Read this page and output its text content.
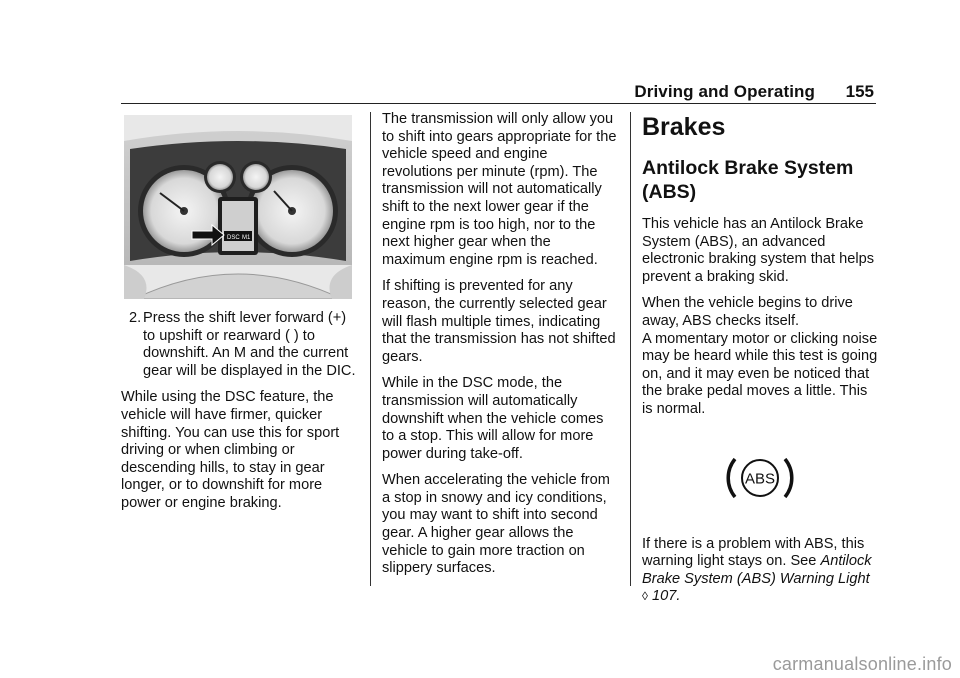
Driving and Operating 155
DSC M1
2. Press the shift lever forward (+) to upshift or rearward ( ) to downshift. An M and the current gear will be displayed in the DIC.

While using the DSC feature, the vehicle will have firmer, quicker shifting. You can use this for sport driving or when climbing or descending hills, to stay in gear longer, or to downshift for more power or engine braking.

The transmission will only allow you to shift into gears appropriate for the vehicle speed and engine revolutions per minute (rpm). The transmission will not automatically shift to the next lower gear if the engine rpm is too high, nor to the next higher gear when the maximum engine rpm is reached.

If shifting is prevented for any reason, the currently selected gear will flash multiple times, indicating that the transmission has not shifted gears.

While in the DSC mode, the transmission will automatically downshift when the vehicle comes to a stop. This will allow for more power during take-off.

When accelerating the vehicle from a stop in snowy and icy conditions, you may want to shift into second gear. A higher gear allows the vehicle to gain more traction on slippery surfaces.

Brakes
Antilock Brake System (ABS)

This vehicle has an Antilock Brake System (ABS), an advanced electronic braking system that helps prevent a braking skid.

When the vehicle begins to drive away, ABS checks itself.
A momentary motor or clicking noise may be heard while this test is going on, and it may even be noticed that the brake pedal moves a little. This is normal.

ABS

If there is a problem with ABS, this warning light stays on. See Antilock Brake System (ABS) Warning Light
◊ 107.

carmanualsonline.info
